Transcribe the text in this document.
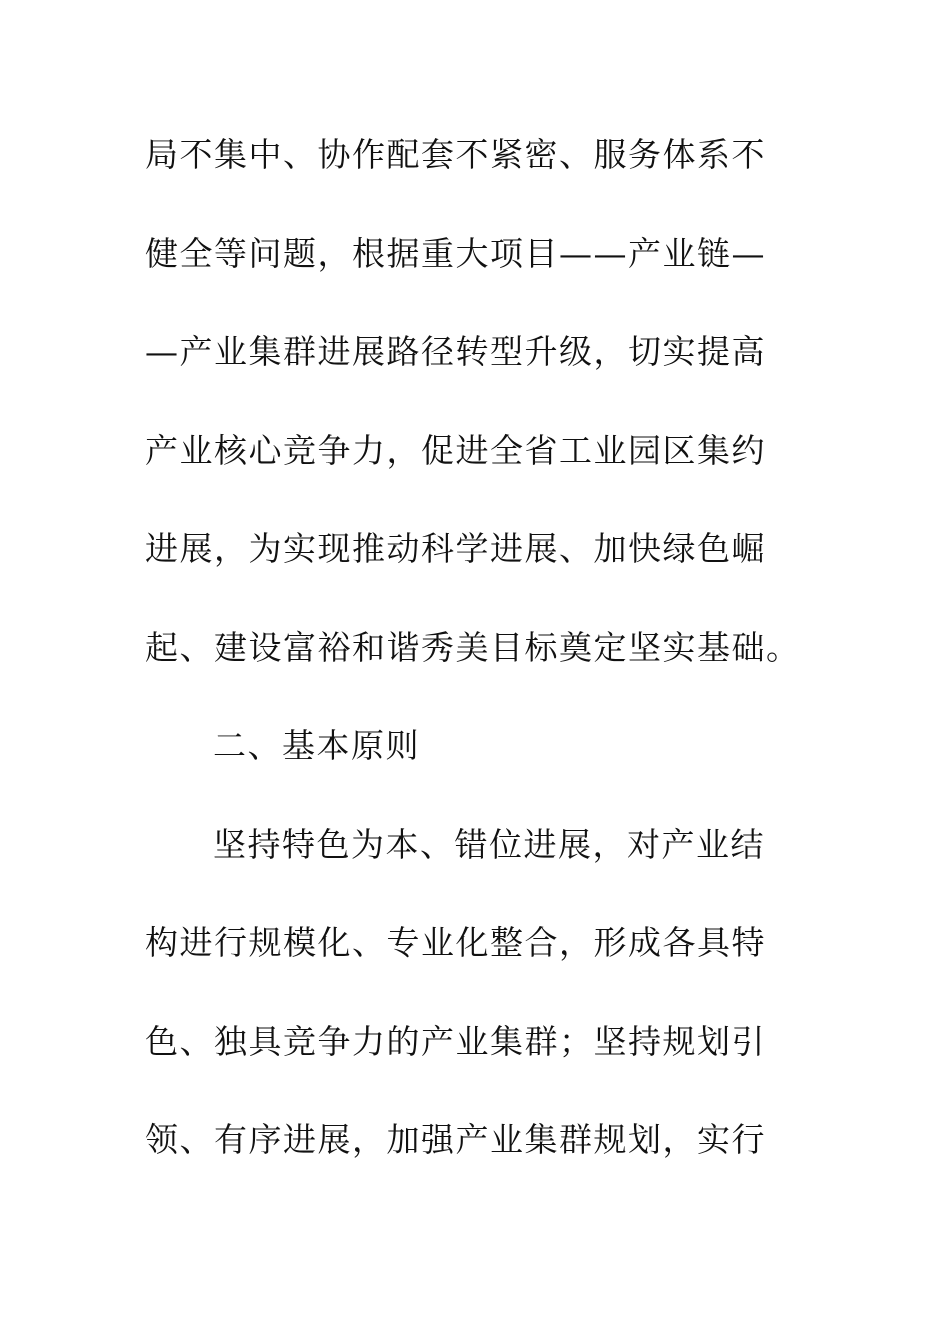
局不集中、协作配套不紧密、服务体系不
健全等问题，根据重大项目——产业链—
—产业集群进展路径转型升级，切实提高
产业核心竞争力，促进全省工业园区集约
进展，为实现推动科学进展、加快绿色崛
起、建设富裕和谐秀美目标奠定坚实基础。
二、基本原则
坚持特色为本、错位进展，对产业结
构进行规模化、专业化整合，形成各具特
色、独具竞争力的产业集群；坚持规划引
领、有序进展，加强产业集群规划，实行
